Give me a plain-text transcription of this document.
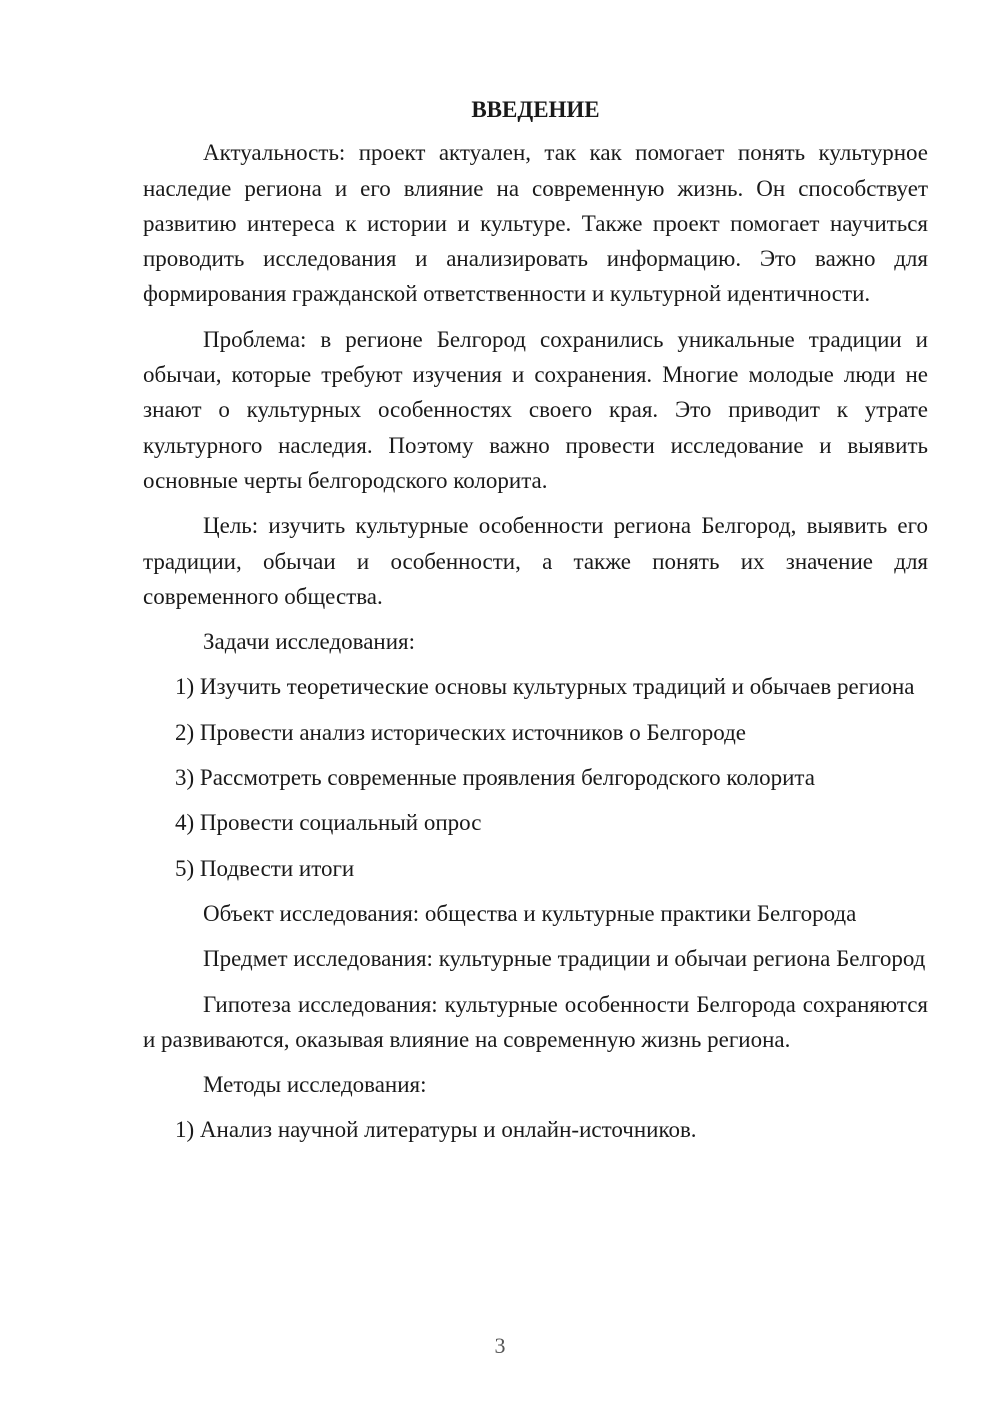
ВВЕДЕНИЕ

Актуальность: проект актуален, так как помогает понять культурное наследие региона и его влияние на современную жизнь. Он способствует развитию интереса к истории и культуре. Также проект помогает научиться проводить исследования и анализировать информацию. Это важно для формирования гражданской ответственности и культурной идентичности.

Проблема: в регионе Белгород сохранились уникальные традиции и обычаи, которые требуют изучения и сохранения. Многие молодые люди не знают о культурных особенностях своего края. Это приводит к утрате культурного наследия. Поэтому важно провести исследование и выявить основные черты белгородского колорита.

Цель: изучить культурные особенности региона Белгород, выявить его традиции, обычаи и особенности, а также понять их значение для современного общества.

Задачи исследования:

1) Изучить теоретические основы культурных традиций и обычаев региона

2) Провести анализ исторических источников о Белгороде

3) Рассмотреть современные проявления белгородского колорита

4) Провести социальный опрос

5) Подвести итоги

Объект исследования: общества и культурные практики Белгорода

Предмет исследования: культурные традиции и обычаи региона Белгород

Гипотеза исследования: культурные особенности Белгорода сохраняются и развиваются, оказывая влияние на современную жизнь региона.

Методы исследования:

1) Анализ научной литературы и онлайн-источников.

3
